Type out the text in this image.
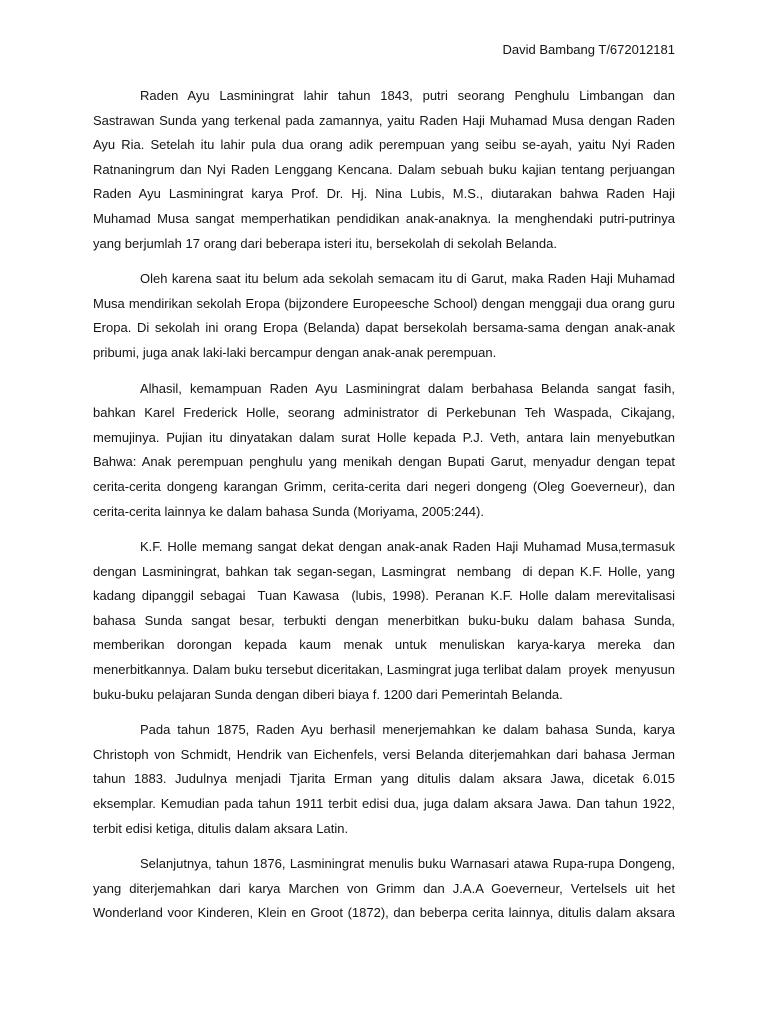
David Bambang T/672012181

Raden Ayu Lasminingrat lahir tahun 1843, putri seorang Penghulu Limbangan dan Sastrawan Sunda yang terkenal pada zamannya, yaitu Raden Haji Muhamad Musa dengan Raden Ayu Ria. Setelah itu lahir pula dua orang adik perempuan yang seibu se-ayah, yaitu Nyi Raden Ratnaningrum dan Nyi Raden Lenggang Kencana. Dalam sebuah buku kajian tentang perjuangan Raden Ayu Lasminingrat karya Prof. Dr. Hj. Nina Lubis, M.S., diutarakan bahwa Raden Haji Muhamad Musa sangat memperhatikan pendidikan anak-anaknya. Ia menghendaki putri-putrinya yang berjumlah 17 orang dari beberapa isteri itu, bersekolah di sekolah Belanda.

Oleh karena saat itu belum ada sekolah semacam itu di Garut, maka Raden Haji Muhamad Musa mendirikan sekolah Eropa (bijzondere Europeesche School) dengan menggaji dua orang guru Eropa. Di sekolah ini orang Eropa (Belanda) dapat bersekolah bersama-sama dengan anak-anak pribumi, juga anak laki-laki bercampur dengan anak-anak perempuan.

Alhasil, kemampuan Raden Ayu Lasminingrat dalam berbahasa Belanda sangat fasih, bahkan Karel Frederick Holle, seorang administrator di Perkebunan Teh Waspada, Cikajang, memujinya. Pujian itu dinyatakan dalam surat Holle kepada P.J. Veth, antara lain menyebutkan Bahwa: Anak perempuan penghulu yang menikah dengan Bupati Garut, menyadur dengan tepat cerita-cerita dongeng karangan Grimm, cerita-cerita dari negeri dongeng (Oleg Goeverneur), dan cerita-cerita lainnya ke dalam bahasa Sunda (Moriyama, 2005:244).

K.F. Holle memang sangat dekat dengan anak-anak Raden Haji Muhamad Musa,termasuk dengan Lasminingrat, bahkan tak segan-segan, Lasmingrat  nembang  di depan K.F. Holle, yang kadang dipanggil sebagai  Tuan Kawasa  (lubis, 1998). Peranan K.F. Holle dalam merevitalisasi bahasa Sunda sangat besar, terbukti dengan menerbitkan buku-buku dalam bahasa Sunda, memberikan dorongan kepada kaum menak untuk menuliskan karya-karya mereka dan menerbitkannya. Dalam buku tersebut diceritakan, Lasmingrat juga terlibat dalam  proyek  menyusun buku-buku pelajaran Sunda dengan diberi biaya f. 1200 dari Pemerintah Belanda.

Pada tahun 1875, Raden Ayu berhasil menerjemahkan ke dalam bahasa Sunda, karya Christoph von Schmidt, Hendrik van Eichenfels, versi Belanda diterjemahkan dari bahasa Jerman tahun 1883. Judulnya menjadi Tjarita Erman yang ditulis dalam aksara Jawa, dicetak 6.015 eksemplar. Kemudian pada tahun 1911 terbit edisi dua, juga dalam aksara Jawa. Dan tahun 1922, terbit edisi ketiga, ditulis dalam aksara Latin.

Selanjutnya, tahun 1876, Lasminingrat menulis buku Warnasari atawa Rupa-rupa Dongeng, yang diterjemahkan dari karya Marchen von Grimm dan J.A.A Goeverneur, Vertelsels uit het Wonderland voor Kinderen, Klein en Groot (1872), dan beberpa cerita lainnya, ditulis dalam aksara
